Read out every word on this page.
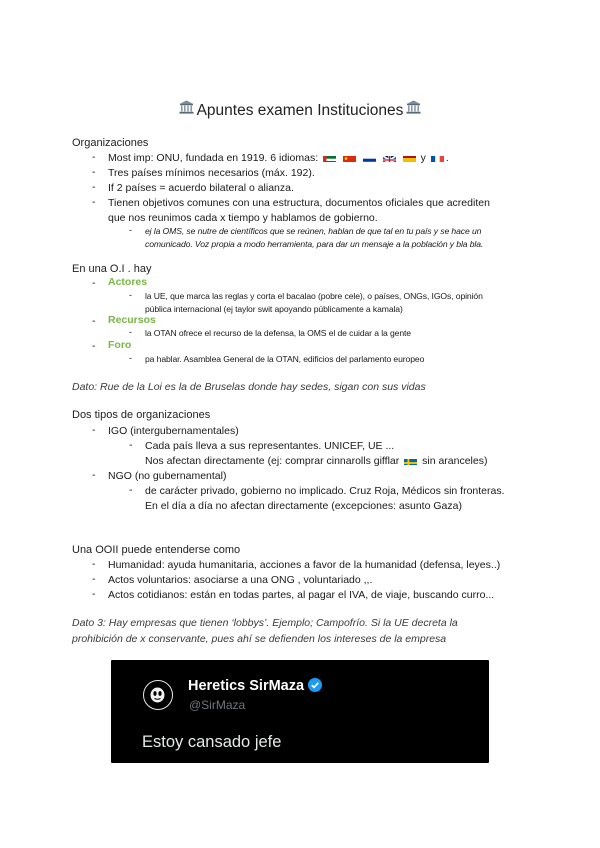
Apuntes examen Instituciones
Organizaciones
- Most imp: ONU, fundada en 1919. 6 idiomas:	y .
- Tres países mínimos necesarios (máx. 192).
- If 2 países = acuerdo bilateral o alianza.
- Tienen objetivos comunes con una estructura, documentos oficiales que acrediten
que nos reunimos cada x tiempo y hablamos de gobierno.
- ej la OMS, se nutre de científicos que se reúnen, hablan de que tal en tu país y se hace un
comunicado. Voz propia a modo herramienta, para dar un mensaje a la población y bla bla.
En una O.I . hay
- Actores
- la UE, que marca las reglas y corta el bacalao (pobre cele), o países, ONGs, IGOs, opinión
pública internacional (ej taylor swit apoyando públicamente a kamala)
- Recursos
- la OTAN ofrece el recurso de la defensa, la OMS el de cuidar a la gente
- Foro
- pa hablar. Asamblea General de la OTAN, edificios del parlamento europeo
Dato: Rue de la Loi es la de Bruselas donde hay sedes, sigan con sus vidas
Dos tipos de organizaciones
- IGO (intergubernamentales)
- Cada país lleva a sus representantes. UNICEF, UE ...
Nos afectan directamente (ej: comprar cinnarolls gifflar sin aranceles)
- NGO (no gubernamental)
- de carácter privado, gobierno no implicado. Cruz Roja, Médicos sin fronteras.
En el día a día no afectan directamente (excepciones: asunto Gaza)
Una OOII puede entenderse como
- Humanidad: ayuda humanitaria, acciones a favor de la humanidad (defensa, leyes..)
- Actos voluntarios: asociarse a una ONG , voluntariado ,,.
- Actos cotidianos: están en todas partes, al pagar el IVA, de viaje, buscando curro...
Dato 3: Hay empresas que tienen ‘lobbys’. Ejemplo; Campofrío. Si la UE decreta la
prohibición de x conservante, pues ahí se defienden los intereses de la empresa
Heretics SirMaza
@SirMaza
Estoy cansado jefe
